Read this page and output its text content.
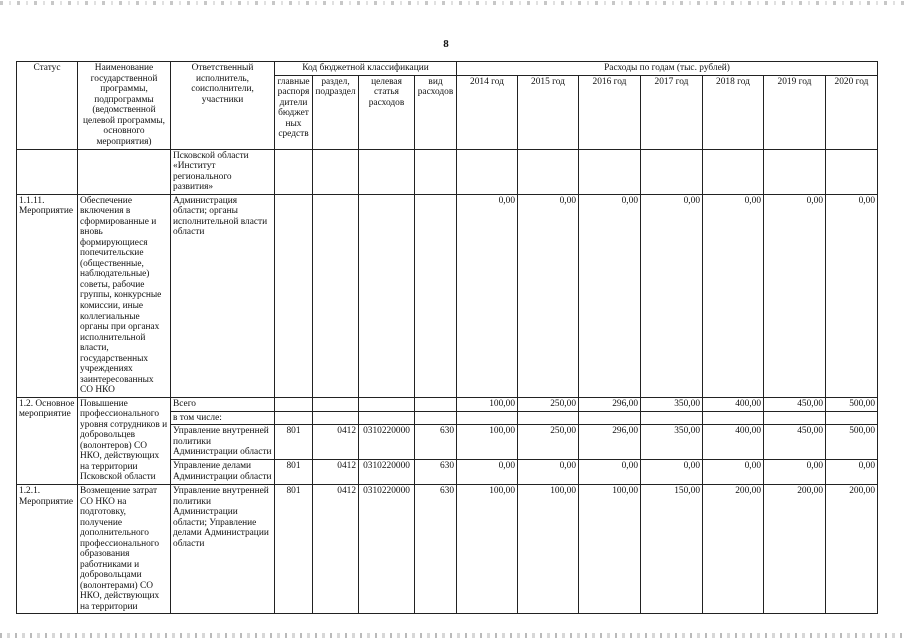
8
Статус	Наименование государственной программы, подпрограммы (ведомственной целевой программы, основного мероприятия)	Ответственный исполнитель, соисполнители, участники	Код бюджетной классификации				Расходы по годам (тыс. рублей)						
			главные распоря дители бюджет ных средств	раздел, подраздел	целевая статья расходов	вид расходов	2014 год	2015 год	2016 год	2017 год	2018 год	2019 год	2020 год
		Псковской области «Институт регионального развития»											
1.1.11. Мероприятие	Обеспечение включения в сформированные и вновь формирующиеся попечительские (общественные, наблюдательные) советы, рабочие группы, конкурсные комиссии, иные коллегиальные органы при органах исполнительной власти, государственных учреждениях заинтересованных СО НКО	Администрация области; органы исполнительной власти области					0,00	0,00	0,00	0,00	0,00	0,00	0,00
1.2. Основное мероприятие	Повышение профессионального уровня сотрудников и добровольцев (волонтеров) СО НКО, действующих на территории Псковской области	Всего					100,00	250,00	296,00	350,00	400,00	450,00	500,00
		в том числе:											
		Управление внутренней политики Администрации области	801	0412	0310220000	630	100,00	250,00	296,00	350,00	400,00	450,00	500,00
		Управление делами Администрации области	801	0412	0310220000	630	0,00	0,00	0,00	0,00	0,00	0,00	0,00
1.2.1. Мероприятие	Возмещение затрат СО НКО на подготовку, получение дополнительного профессионального образования работниками и добровольцами (волонтерами) СО НКО, действующих на территории	Управление внутренней политики Администрации области; Управление делами Администрации области	801	0412	0310220000	630	100,00	100,00	100,00	150,00	200,00	200,00	200,00
